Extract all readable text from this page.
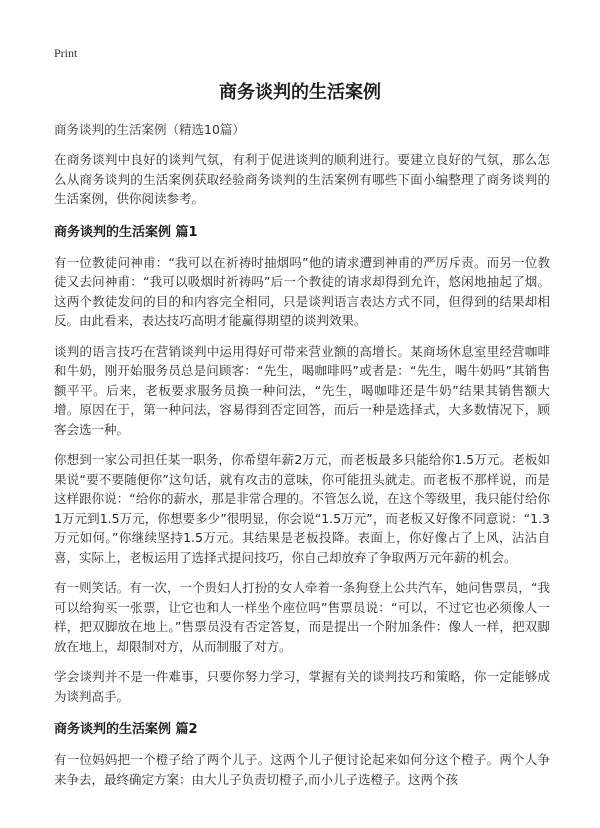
Print
商务谈判的生活案例

商务谈判的生活案例（精选10篇）

在商务谈判中良好的谈判气氛，有利于促进谈判的顺利进行。要建立良好的气氛，那么怎么从商务谈判的生活案例获取经验商务谈判的生活案例有哪些下面小编整理了商务谈判的生活案例，供你阅读参考。

商务谈判的生活案例 篇1

有一位教徒问神甫：“我可以在祈祷时抽烟吗”他的请求遭到神甫的严厉斥责。而另一位教徒又去问神甫：“我可以吸烟时祈祷吗”后一个教徒的请求却得到允许，悠闲地抽起了烟。这两个教徒发问的目的和内容完全相同，只是谈判语言表达方式不同，但得到的结果却相反。由此看来，表达技巧高明才能赢得期望的谈判效果。

谈判的语言技巧在营销谈判中运用得好可带来营业额的高增长。某商场休息室里经营咖啡和牛奶，刚开始服务员总是问顾客：“先生，喝咖啡吗”或者是：“先生，喝牛奶吗”其销售额平平。后来，老板要求服务员换一种问法，“先生，喝咖啡还是牛奶”结果其销售额大增。原因在于，第一种问法，容易得到否定回答，而后一种是选择式，大多数情况下，顾客会选一种。

你想到一家公司担任某一职务，你希望年薪2万元，而老板最多只能给你1.5万元。老板如果说“要不要随便你”这句话，就有攻击的意味，你可能扭头就走。而老板不那样说，而是这样跟你说：“给你的薪水，那是非常合理的。不管怎么说，在这个等级里，我只能付给你1万元到1.5万元，你想要多少”很明显，你会说“1.5万元”，而老板又好像不同意说：“1.3万元如何。”你继续坚持1.5万元。其结果是老板投降。表面上，你好像占了上风，沾沾自喜，实际上，老板运用了选择式提问技巧，你自己却放弃了争取两万元年薪的机会。

有一则笑话。有一次，一个贵妇人打扮的女人牵着一条狗登上公共汽车，她问售票员，“我可以给狗买一张票，让它也和人一样坐个座位吗”售票员说：“可以，不过它也必须像人一样，把双脚放在地上。”售票员没有否定答复，而是提出一个附加条件：像人一样，把双脚放在地上，却限制对方，从而制服了对方。

学会谈判并不是一件难事，只要你努力学习，掌握有关的谈判技巧和策略，你一定能够成为谈判高手。

商务谈判的生活案例 篇2

有一位妈妈把一个橙子给了两个儿子。这两个儿子便讨论起来如何分这个橙子。两个人争来争去，最终确定方案：由大儿子负责切橙子,而小儿子选橙子。这两个孩
